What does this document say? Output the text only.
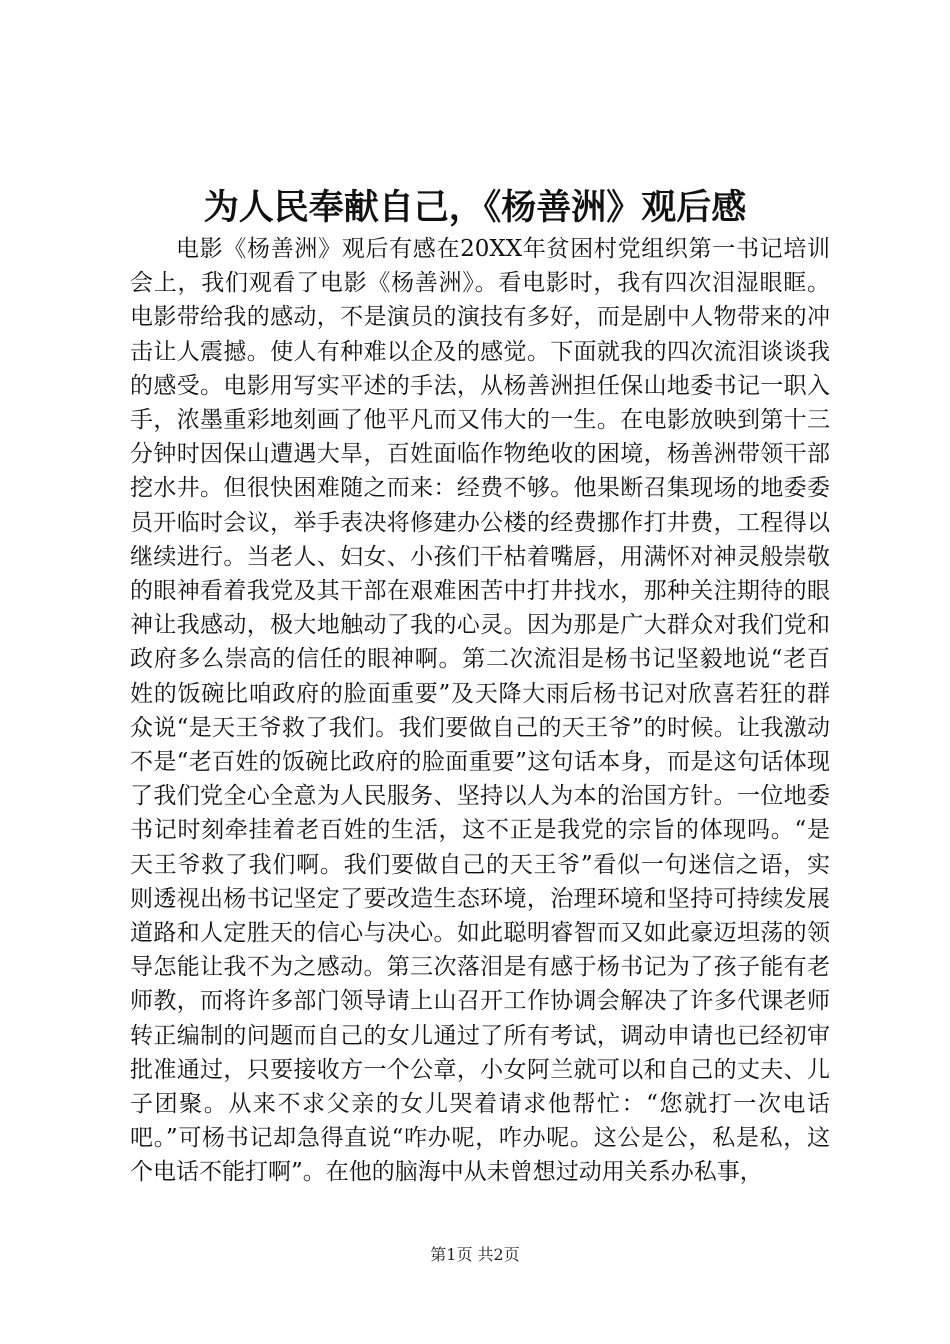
为人民奉献自己，《杨善洲》观后感

电影《杨善洲》观后有感在20XX年贫困村党组织第一书记培训会上，我们观看了电影《杨善洲》。看电影时，我有四次泪湿眼眶。电影带给我的感动，不是演员的演技有多好，而是剧中人物带来的冲击让人震撼。使人有种难以企及的感觉。下面就我的四次流泪谈谈我的感受。电影用写实平述的手法，从杨善洲担任保山地委书记一职入手，浓墨重彩地刻画了他平凡而又伟大的一生。在电影放映到第十三分钟时因保山遭遇大旱，百姓面临作物绝收的困境，杨善洲带领干部挖水井。但很快困难随之而来：经费不够。他果断召集现场的地委委员开临时会议，举手表决将修建办公楼的经费挪作打井费，工程得以继续进行。当老人、妇女、小孩们干枯着嘴唇，用满怀对神灵般崇敬的眼神看着我党及其干部在艰难困苦中打井找水，那种关注期待的眼神让我感动，极大地触动了我的心灵。因为那是广大群众对我们党和政府多么崇高的信任的眼神啊。第二次流泪是杨书记坚毅地说“老百姓的饭碗比咱政府的脸面重要”及天降大雨后杨书记对欣喜若狂的群众说“是天王爷救了我们。我们要做自己的天王爷”的时候。让我激动不是“老百姓的饭碗比政府的脸面重要”这句话本身，而是这句话体现了我们党全心全意为人民服务、坚持以人为本的治国方针。一位地委书记时刻牵挂着老百姓的生活，这不正是我党的宗旨的体现吗。“是天王爷救了我们啊。我们要做自己的天王爷”看似一句迷信之语，实则透视出杨书记坚定了要改造生态环境，治理环境和坚持可持续发展道路和人定胜天的信心与决心。如此聪明睿智而又如此豪迈坦荡的领导怎能让我不为之感动。第三次落泪是有感于杨书记为了孩子能有老师教，而将许多部门领导请上山召开工作协调会解决了许多代课老师转正编制的问题而自己的女儿通过了所有考试，调动申请也已经初审批准通过，只要接收方一个公章，小女阿兰就可以和自己的丈夫、儿子团聚。从来不求父亲的女儿哭着请求他帮忙：“您就打一次电话吧。”可杨书记却急得直说“咋办呢，咋办呢。这公是公，私是私，这个电话不能打啊”。在他的脑海中从未曾想过动用关系办私事，

第1页 共2页
